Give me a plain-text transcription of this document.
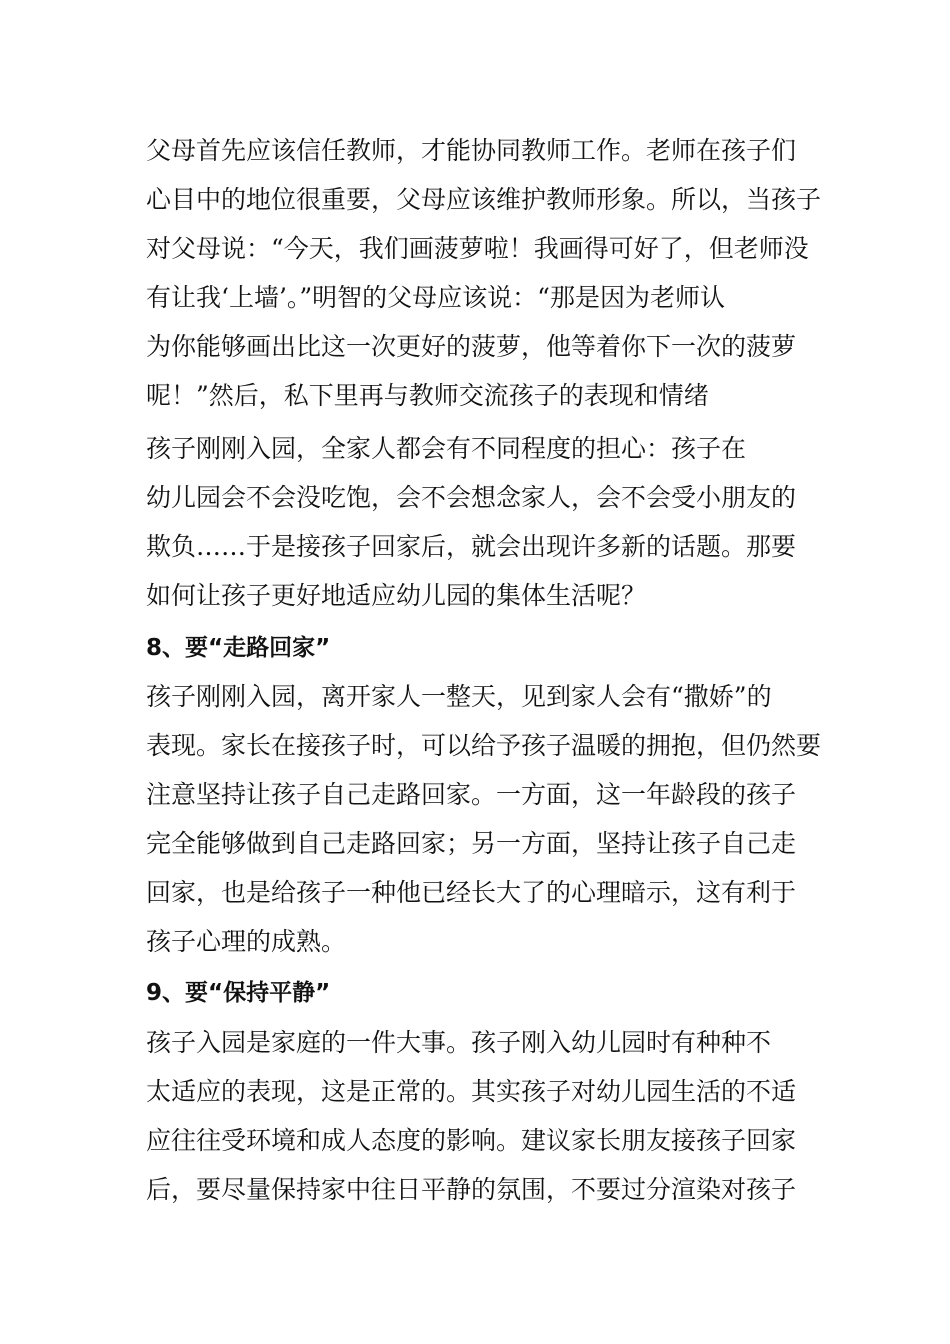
父母首先应该信任教师，才能协同教师工作。老师在孩子们
心目中的地位很重要，父母应该维护教师形象。所以，当孩子
对父母说：“今天，我们画菠萝啦！我画得可好了，但老师没
有让我‘上墙’。”明智的父母应该说：“那是因为老师认
为你能够画出比这一次更好的菠萝，他等着你下一次的菠萝
呢！”然后，私下里再与教师交流孩子的表现和情绪
孩子刚刚入园，全家人都会有不同程度的担心：孩子在
幼儿园会不会没吃饱，会不会想念家人，会不会受小朋友的
欺负……于是接孩子回家后，就会出现许多新的话题。那要
如何让孩子更好地适应幼儿园的集体生活呢？
8、要“走路回家”
孩子刚刚入园，离开家人一整天，见到家人会有“撒娇”的
表现。家长在接孩子时，可以给予孩子温暖的拥抱，但仍然要
注意坚持让孩子自己走路回家。一方面，这一年龄段的孩子
完全能够做到自己走路回家；另一方面，坚持让孩子自己走
回家，也是给孩子一种他已经长大了的心理暗示，这有利于
孩子心理的成熟。
9、要“保持平静”
孩子入园是家庭的一件大事。孩子刚入幼儿园时有种种不
太适应的表现，这是正常的。其实孩子对幼儿园生活的不适
应往往受环境和成人态度的影响。建议家长朋友接孩子回家
后，要尽量保持家中往日平静的氛围，不要过分渲染对孩子
